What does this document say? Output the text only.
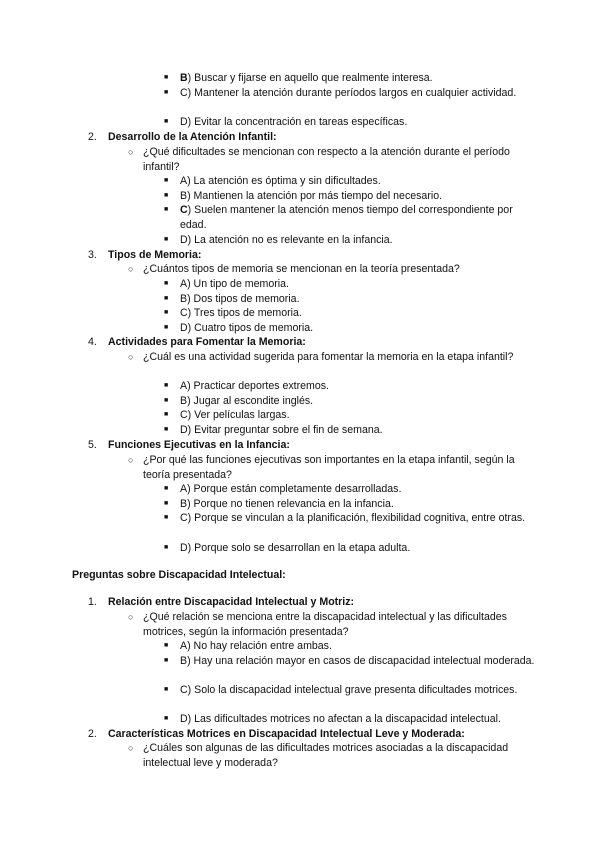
■ B) Buscar y fijarse en aquello que realmente interesa.
■ C) Mantener la atención durante períodos largos en cualquier actividad.
■ D) Evitar la concentración en tareas específicas.
2. Desarrollo de la Atención Infantil:
○ ¿Qué dificultades se mencionan con respecto a la atención durante el período infantil?
■ A) La atención es óptima y sin dificultades.
■ B) Mantienen la atención por más tiempo del necesario.
■ C) Suelen mantener la atención menos tiempo del correspondiente por edad.
■ D) La atención no es relevante en la infancia.
3. Tipos de Memoria:
○ ¿Cuántos tipos de memoria se mencionan en la teoría presentada?
■ A) Un tipo de memoria.
■ B) Dos tipos de memoria.
■ C) Tres tipos de memoria.
■ D) Cuatro tipos de memoria.
4. Actividades para Fomentar la Memoria:
○ ¿Cuál es una actividad sugerida para fomentar la memoria en la etapa infantil?
■ A) Practicar deportes extremos.
■ B) Jugar al escondite inglés.
■ C) Ver películas largas.
■ D) Evitar preguntar sobre el fin de semana.
5. Funciones Ejecutivas en la Infancia:
○ ¿Por qué las funciones ejecutivas son importantes en la etapa infantil, según la teoría presentada?
■ A) Porque están completamente desarrolladas.
■ B) Porque no tienen relevancia en la infancia.
■ C) Porque se vinculan a la planificación, flexibilidad cognitiva, entre otras.
■ D) Porque solo se desarrollan en la etapa adulta.
Preguntas sobre Discapacidad Intelectual:
1. Relación entre Discapacidad Intelectual y Motriz:
○ ¿Qué relación se menciona entre la discapacidad intelectual y las dificultades motrices, según la información presentada?
■ A) No hay relación entre ambas.
■ B) Hay una relación mayor en casos de discapacidad intelectual moderada.
■ C) Solo la discapacidad intelectual grave presenta dificultades motrices.
■ D) Las dificultades motrices no afectan a la discapacidad intelectual.
2. Características Motrices en Discapacidad Intelectual Leve y Moderada:
○ ¿Cuáles son algunas de las dificultades motrices asociadas a la discapacidad intelectual leve y moderada?
